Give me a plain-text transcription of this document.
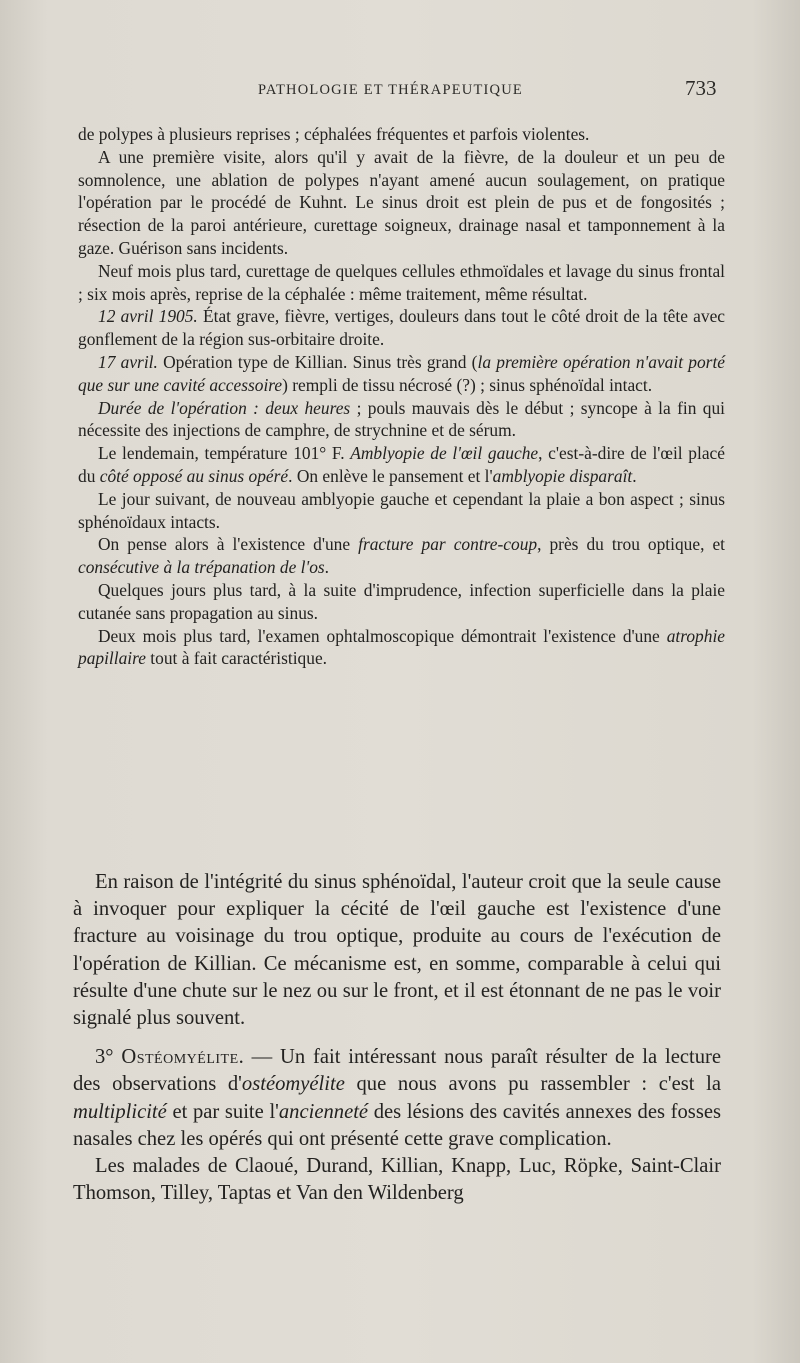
PATHOLOGIE ET THÉRAPEUTIQUE	733

de polypes à plusieurs reprises ; céphalées fréquentes et parfois violentes.

A une première visite, alors qu'il y avait de la fièvre, de la douleur et un peu de somnolence, une ablation de polypes n'ayant amené aucun soulagement, on pratique l'opération par le procédé de Kuhnt. Le sinus droit est plein de pus et de fongosités ; résection de la paroi antérieure, curettage soigneux, drainage nasal et tamponnement à la gaze. Guérison sans incidents.

Neuf mois plus tard, curettage de quelques cellules ethmoïdales et lavage du sinus frontal ; six mois après, reprise de la céphalée : même traitement, même résultat.

12 avril 1905. État grave, fièvre, vertiges, douleurs dans tout le côté droit de la tête avec gonflement de la région sus-orbitaire droite.

17 avril. Opération type de Killian. Sinus très grand (la première opération n'avait porté que sur une cavité accessoire) rempli de tissu nécrosé (?) ; sinus sphénoïdal intact.

Durée de l'opération : deux heures ; pouls mauvais dès le début ; syncope à la fin qui nécessite des injections de camphre, de strychnine et de sérum.

Le lendemain, température 101° F. Amblyopie de l'œil gauche, c'est-à-dire de l'œil placé du côté opposé au sinus opéré. On enlève le pansement et l'amblyopie disparaît.

Le jour suivant, de nouveau amblyopie gauche et cependant la plaie a bon aspect ; sinus sphénoïdaux intacts.

On pense alors à l'existence d'une fracture par contre-coup, près du trou optique, et consécutive à la trépanation de l'os.

Quelques jours plus tard, à la suite d'imprudence, infection superficielle dans la plaie cutanée sans propagation au sinus.

Deux mois plus tard, l'examen ophtalmoscopique démontrait l'existence d'une atrophie papillaire tout à fait caractéristique.

En raison de l'intégrité du sinus sphénoïdal, l'auteur croit que la seule cause à invoquer pour expliquer la cécité de l'œil gauche est l'existence d'une fracture au voisinage du trou optique, produite au cours de l'exécution de l'opération de Killian. Ce mécanisme est, en somme, comparable à celui qui résulte d'une chute sur le nez ou sur le front, et il est étonnant de ne pas le voir signalé plus souvent.

3° Ostéomyélite. — Un fait intéressant nous paraît résulter de la lecture des observations d'ostéomyélite que nous avons pu rassembler : c'est la multiplicité et par suite l'ancienneté des lésions des cavités annexes des fosses nasales chez les opérés qui ont présenté cette grave complication.

Les malades de Claoué, Durand, Killian, Knapp, Luc, Röpke, Saint-Clair Thomson, Tilley, Taptas et Van den Wildenberg
